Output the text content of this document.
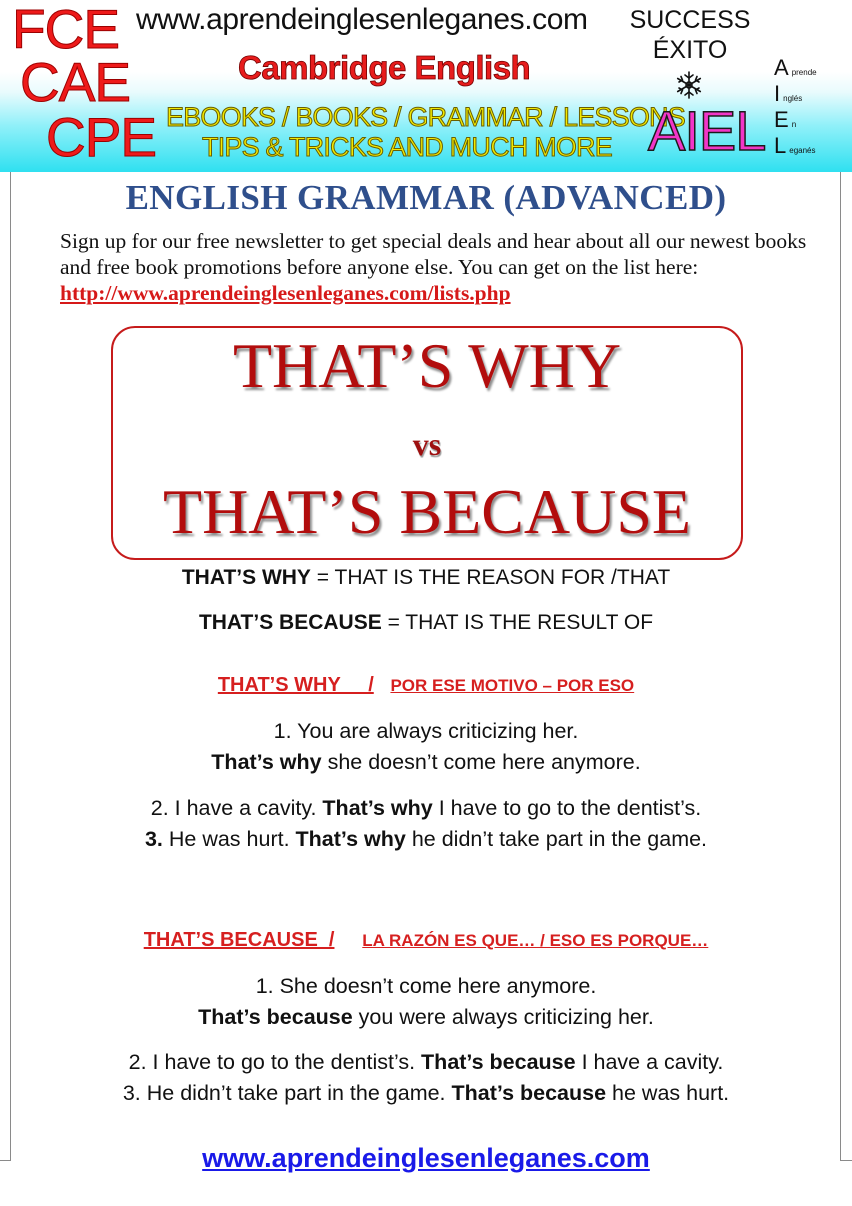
FCE
CAE
CPE
www.aprendeinglesenleganes.com
Cambridge English
EBOOKS / BOOKS / GRAMMAR / LESSONS
TIPS & TRICKS AND MUCH MORE
SUCCESS
ÉXITO
AIEL
Aprende
Inglés
En
Leganés
ENGLISH GRAMMAR (ADVANCED)
Sign up for our free newsletter to get special deals and hear about all our newest books and free book promotions before anyone else. You can get on the list here: http://www.aprendeinglesenleganes.com/lists.php
THAT’S WHY
vs
THAT’S BECAUSE
THAT’S WHY = THAT IS THE REASON FOR /THAT
THAT’S BECAUSE = THAT IS THE RESULT OF
THAT’S WHY     / POR ESE MOTIVO – POR ESO
1. You are always criticizing her.
That’s why she doesn’t come here anymore.
2. I have a cavity. That’s why I have to go to the dentist’s.
3. He was hurt. That’s why he didn’t take part in the game.
THAT’S BECAUSE  / LA RAZÓN ES QUE… / ESO ES PORQUE…
1. She doesn’t come here anymore.
That’s because you were always criticizing her.
2. I have to go to the dentist’s. That’s because I have a cavity.
3. He didn’t take part in the game. That’s because he was hurt.
www.aprendeinglesenleganes.com
